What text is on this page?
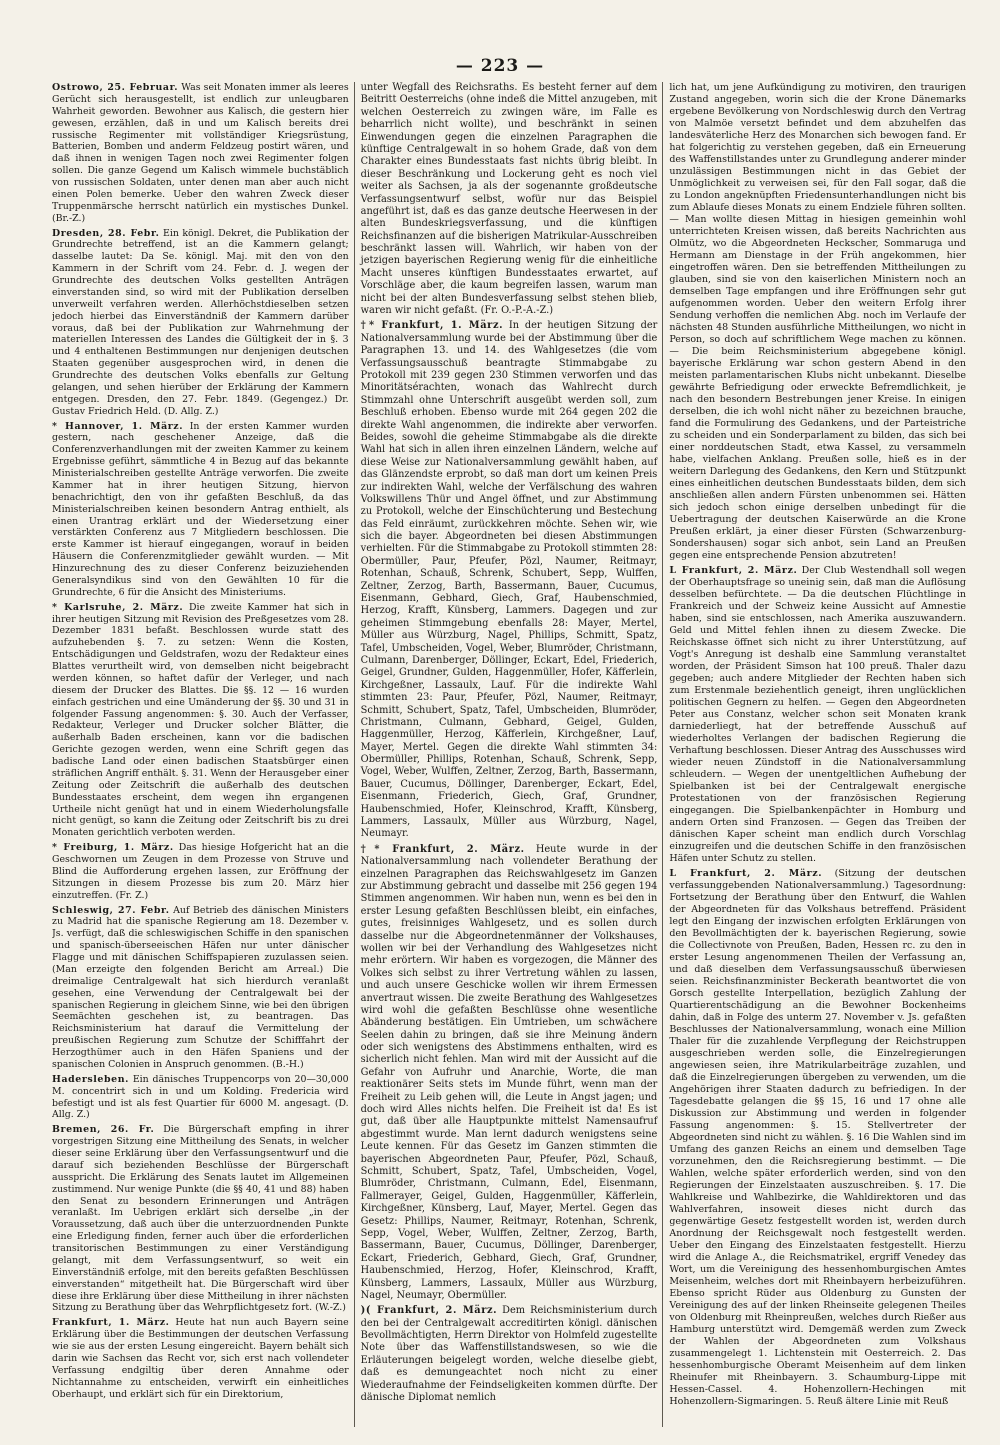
— 223 —

Ostrowo, 25. Februar. Was seit Monaten immer als leeres Gerücht sich herausgestellt, ist endlich zur unleugbaren Wahrheit geworden. Bewohner aus Kalisch, die gestern hier gewesen, erzählen, daß in und um Kalisch bereits drei russische Regimenter mit vollständiger Kriegsrüstung, Batterien, Bomben und anderm Feldzeug postirt wären, und daß ihnen in wenigen Tagen noch zwei Regimenter folgen sollen. Die ganze Gegend um Kalisch wimmele buchstäblich von russischen Soldaten, unter denen man aber auch nicht einen Polen bemerke. Ueber den wahren Zweck dieser Truppenmärsche herrscht natürlich ein mystisches Dunkel. (Br.-Z.)

Dresden, 28. Febr. Ein königl. Dekret, die Publikation der Grundrechte betreffend, ist an die Kammern gelangt; dasselbe lautet: Da Se. königl. Maj. mit den von den Kammern in der Schrift vom 24. Febr. d. J. wegen der Grundrechte des deutschen Volks gestellten Anträgen einverstanden sind, so wird mit der Publikation derselben unverweilt verfahren werden. Allerhöchstdieselben setzen jedoch hierbei das Einverständniß der Kammern darüber voraus, daß bei der Publikation zur Wahrnehmung der materiellen Interessen des Landes die Gültigkeit der in §. 3 und 4 enthaltenen Bestimmungen nur denjenigen deutschen Staaten gegenüber ausgesprochen wird, in denen die Grundrechte des deutschen Volks ebenfalls zur Geltung gelangen, und sehen hierüber der Erklärung der Kammern entgegen. Dresden, den 27. Febr. 1849. (Gegengez.) Dr. Gustav Friedrich Held. (D. Allg. Z.)

* Hannover, 1. März. In der ersten Kammer wurden gestern, nach geschehener Anzeige, daß die Conferenzverhandlungen mit der zweiten Kammer zu keinem Ergebnisse geführt, sämmtliche 4 in Bezug auf das bekannte Ministerialschreiben gestellte Anträge verworfen. Die zweite Kammer hat in ihrer heutigen Sitzung, hiervon benachrichtigt, den von ihr gefaßten Beschluß, da das Ministerialschreiben keinen besondern Antrag enthielt, als einen Urantrag erklärt und der Wiedersetzung einer verstärkten Conferenz aus 7 Mitgliedern beschlossen. Die erste Kammer ist hierauf eingegangen, worauf in beiden Häusern die Conferenzmitglieder gewählt wurden. — Mit Hinzurechnung des zu dieser Conferenz beizuziehenden Generalsyndikus sind von den Gewählten 10 für die Grundrechte, 6 für die Ansicht des Ministeriums.

* Karlsruhe, 2. März. Die zweite Kammer hat sich in ihrer heutigen Sitzung mit Revision des Preßgesetzes vom 28. Dezember 1831 befaßt. Beschlossen wurde statt des aufzuhebenden §. 7. zu setzen: Wenn die Kosten, Entschädigungen und Geldstrafen, wozu der Redakteur eines Blattes verurtheilt wird, von demselben nicht beigebracht werden können, so haftet dafür der Verleger, und nach diesem der Drucker des Blattes. Die §§. 12 — 16 wurden einfach gestrichen und eine Umänderung der §§. 30 und 31 in folgender Fassung angenommen: §. 30. Auch der Verfasser, Redakteur, Verleger und Drucker solcher Blätter, die außerhalb Baden erscheinen, kann vor die badischen Gerichte gezogen werden, wenn eine Schrift gegen das badische Land oder einen badischen Staatsbürger einen sträflichen Angriff enthält. §. 31. Wenn der Herausgeber einer Zeitung oder Zeitschrift die außerhalb des deutschen Bundesstaates erscheint, dem wegen ihn ergangenen Urtheile nicht genügt hat und in einem Wiederholungsfalle nicht genügt, so kann die Zeitung oder Zeitschrift bis zu drei Monaten gerichtlich verboten werden.

* Freiburg, 1. März. Das hiesige Hofgericht hat an die Geschwornen um Zeugen in dem Prozesse von Struve und Blind die Aufforderung ergehen lassen, zur Eröffnung der Sitzungen in diesem Prozesse bis zum 20. März hier einzutreffen. (Fr. Z.)

Schleswig, 27. Febr. Auf Betrieb des dänischen Ministers zu Madrid hat die spanische Regierung am 18. Dezember v. Js. verfügt, daß die schleswigischen Schiffe in den spanischen und spanisch-überseeischen Häfen nur unter dänischer Flagge und mit dänischen Schiffspapieren zuzulassen seien. (Man erzeigte den folgenden Bericht am Arreal.) Die dreimalige Centralgewalt hat sich hierdurch veranlaßt gesehen, eine Verwendung der Centralgewalt bei der spanischen Regierung in gleichem Sinne, wie bei den übrigen Seemächten geschehen ist, zu beantragen. Das Reichsministerium hat darauf die Vermittelung der preußischen Regierung zum Schutze der Schifffahrt der Herzogthümer auch in den Häfen Spaniens und der spanischen Colonien in Anspruch genommen. (B.-H.)

Hadersleben. Ein dänisches Truppencorps von 20—30,000 M. concentrirt sich in und um Kolding. Fredericia wird befestigt und ist als fest Quartier für 6000 M. angesagt. (D. Allg. Z.)

Bremen, 26. Fr. Die Bürgerschaft empfing in ihrer vorgestrigen Sitzung eine Mittheilung des Senats, in welcher dieser seine Erklärung über den Verfassungsentwurf und die darauf sich beziehenden Beschlüsse der Bürgerschaft ausspricht. Die Erklärung des Senats lautet im Allgemeinen zustimmend. Nur wenige Punkte (die §§ 40, 41 und 88) haben den Senat zu besondern Erinnerungen und Anträgen veranlaßt. Im Uebrigen erklärt sich derselbe „in der Voraussetzung, daß auch über die unterzuordnenden Punkte eine Erledigung finden, ferner auch über die erforderlichen transitorischen Bestimmungen zu einer Verständigung gelangt, mit dem Verfassungsentwurf, so weit ein Einverständniß erfolge, mit den bereits gefaßten Beschlüssen einverstanden“ mitgetheilt hat. Die Bürgerschaft wird über diese ihre Erklärung über diese Mittheilung in ihrer nächsten Sitzung zu Berathung über das Wehrpflichtgesetz fort. (W.-Z.)

Frankfurt, 1. März. Heute hat nun auch Bayern seine Erklärung über die Bestimmungen der deutschen Verfassung wie sie aus der ersten Lesung eingereicht. Bayern behält sich darin wie Sachsen das Recht vor, sich erst nach vollendeter Verfassung endgiltig über deren Annahme oder Nichtannahme zu entscheiden, verwirft ein einheitliches Oberhaupt, und erklärt sich für ein Direktorium,

unter Wegfall des Reichsraths. Es besteht ferner auf dem Beitritt Oesterreichs (ohne indeß die Mittel anzugeben, mit welchen Oesterreich zu zwingen wäre, im Falle es beharrlich nicht wollte), und beschränkt in seinen Einwendungen gegen die einzelnen Paragraphen die künftige Centralgewalt in so hohem Grade, daß von dem Charakter eines Bundesstaats fast nichts übrig bleibt. In dieser Beschränkung und Lockerung geht es noch viel weiter als Sachsen, ja als der sogenannte großdeutsche Verfassungsentwurf selbst, wofür nur das Beispiel angeführt ist, daß es das ganze deutsche Heerwesen in der alten Bundeskriegsverfassung, und die künftigen Reichsfinanzen auf die bisherigen Matrikular-Ausschreiben beschränkt lassen will. Wahrlich, wir haben von der jetzigen bayerischen Regierung wenig für die einheitliche Macht unseres künftigen Bundesstaates erwartet, auf Vorschläge aber, die kaum begreifen lassen, warum man nicht bei der alten Bundesverfassung selbst stehen blieb, waren wir nicht gefaßt. (Fr. O.-P.-A.-Z.)

†* Frankfurt, 1. März. In der heutigen Sitzung der Nationalversammlung wurde bei der Abstimmung über die Paragraphen 13. und 14. des Wahlgesetzes (die vom Verfassungsausschuß beantragte Stimmabgabe zu Protokoll mit 239 gegen 230 Stimmen verworfen und das Minoritätsérachten, wonach das Wahlrecht durch Stimmzahl ohne Unterschrift ausgeübt werden soll, zum Beschluß erhoben. Ebenso wurde mit 264 gegen 202 die direkte Wahl angenommen, die indirekte aber verworfen. Beides, sowohl die geheime Stimmabgabe als die direkte Wahl hat sich in allen ihren einzelnen Ländern, welche auf diese Weise zur Nationalversammlung gewählt haben, auf das Glänzendste erprobt, so daß man dort um keinen Preis zur indirekten Wahl, welche der Verfälschung des wahren Volkswillens Thür und Angel öffnet, und zur Abstimmung zu Protokoll, welche der Einschüchterung und Bestechung das Feld einräumt, zurückkehren möchte. Sehen wir, wie sich die bayer. Abgeordneten bei diesen Abstimmungen verhielten. Für die Stimmabgabe zu Protokoll stimmten 28: Obermüller, Paur, Pfeufer, Pözl, Naumer, Reitmayr, Rotenhan, Schauß, Schrenk, Schubert, Sepp, Wulffen, Zeltner, Zerzog, Barth, Bassermann, Bauer, Cucumus, Eisenmann, Gebhard, Giech, Graf, Haubenschmied, Herzog, Krafft, Künsberg, Lammers. Dagegen und zur geheimen Stimmgebung ebenfalls 28: Mayer, Mertel, Müller aus Würzburg, Nagel, Phillips, Schmitt, Spatz, Tafel, Umbscheiden, Vogel, Weber, Blumröder, Christmann, Culmann, Darenberger, Döllinger, Eckart, Edel, Friederich, Geigel, Grundner, Gulden, Haggenmüller, Hofer, Käfferlein, Kirchgeßner, Lassaulx, Lauf. Für die indirekte Wahl stimmten 23: Paur, Pfeufer, Pözl, Naumer, Reitmayr, Schmitt, Schubert, Spatz, Tafel, Umbscheiden, Blumröder, Christmann, Culmann, Gebhard, Geigel, Gulden, Haggenmüller, Herzog, Käfferlein, Kirchgeßner, Lauf, Mayer, Mertel. Gegen die direkte Wahl stimmten 34: Obermüller, Phillips, Rotenhan, Schauß, Schrenk, Sepp, Vogel, Weber, Wulffen, Zeltner, Zerzog, Barth, Bassermann, Bauer, Cucumus, Döllinger, Darenberger, Eckart, Edel, Eisenmann, Friederich, Giech, Graf, Grundner, Haubenschmied, Hofer, Kleinschrod, Krafft, Künsberg, Lammers, Lassaulx, Müller aus Würzburg, Nagel, Neumayr.

†* Frankfurt, 2. März. Heute wurde in der Nationalversammlung nach vollendeter Berathung der einzelnen Paragraphen das Reichswahlgesetz im Ganzen zur Abstimmung gebracht und dasselbe mit 256 gegen 194 Stimmen angenommen. Wir haben nun, wenn es bei den in erster Lesung gefaßten Beschlüssen bleibt, ein einfaches, gutes, freisinniges Wahlgesetz, und es sollen durch dasselbe nur die Abgeordnetenmänner der Volkshauses, wollen wir bei der Verhandlung des Wahlgesetzes nicht mehr erörtern. Wir haben es vorgezogen, die Männer des Volkes sich selbst zu ihrer Vertretung wählen zu lassen, und auch unsere Geschicke wollen wir ihrem Ermessen anvertraut wissen. Die zweite Berathung des Wahlgesetzes wird wohl die gefaßten Beschlüsse ohne wesentliche Abänderung bestätigen. Ein Umtrieben, um schwächere Seelen dahin zu bringen, daß sie ihre Meinung ändern oder sich wenigstens des Abstimmens enthalten, wird es sicherlich nicht fehlen. Man wird mit der Aussicht auf die Gefahr von Aufruhr und Anarchie, Worte, die man reaktionärer Seits stets im Munde führt, wenn man der Freiheit zu Leib gehen will, die Leute in Angst jagen; und doch wird Alles nichts helfen. Die Freiheit ist da! Es ist gut, daß über alle Hauptpunkte mittelst Namensaufruf abgestimmt wurde. Man lernt dadurch wenigstens seine Leute kennen. Für das Gesetz im Ganzen stimmten die bayerischen Abgeordneten Paur, Pfeufer, Pözl, Schauß, Schmitt, Schubert, Spatz, Tafel, Umbscheiden, Vogel, Blumröder, Christmann, Culmann, Edel, Eisenmann, Fallmerayer, Geigel, Gulden, Haggenmüller, Käfferlein, Kirchgeßner, Künsberg, Lauf, Mayer, Mertel. Gegen das Gesetz: Phillips, Naumer, Reitmayr, Rotenhan, Schrenk, Sepp, Vogel, Weber, Wulffen, Zeltner, Zerzog, Barth, Bassermann, Bauer, Cucumus, Döllinger, Darenberger, Eckart, Friederich, Gebhard, Giech, Graf, Grundner, Haubenschmied, Herzog, Hofer, Kleinschrod, Krafft, Künsberg, Lammers, Lassaulx, Müller aus Würzburg, Nagel, Neumayr, Obermüller.

)( Frankfurt, 2. März. Dem Reichsministerium durch den bei der Centralgewalt accreditirten königl. dänischen Bevollmächtigten, Herrn Direktor von Holmfeld zugestellte Note über das Waffenstillstandswesen, so wie die Erläuterungen beigelegt worden, welche dieselbe giebt, daß es demungeachtet noch nicht zu einer Wiederaufnahme der Feindseligkeiten kommen dürfte. Der dänische Diplomat nemlich

lich hat, um jene Aufkündigung zu motiviren, den traurigen Zustand angegeben, worin sich die der Krone Dänemarks ergebene Bevölkerung von Nordschleswig durch den Vertrag von Malmöe versetzt befindet und dem abzuhelfen das landesväterliche Herz des Monarchen sich bewogen fand. Er hat folgerichtig zu verstehen gegeben, daß ein Erneuerung des Waffenstillstandes unter zu Grundlegung anderer minder unzulässigen Bestimmungen nicht in das Gebiet der Unmöglichkeit zu verweisen sei, für den Fall sogar, daß die zu London angeknüpften Friedensunterhandlungen nicht bis zum Ablaufe dieses Monats zu einem Endziele führen sollten. — Man wollte diesen Mittag in hiesigen gemeinhin wohl unterrichteten Kreisen wissen, daß bereits Nachrichten aus Olmütz, wo die Abgeordneten Heckscher, Sommaruga und Hermann am Dienstage in der Früh angekommen, hier eingetroffen wären. Den sie betreffenden Mittheilungen zu glauben, sind sie von den kaiserlichen Ministern noch an demselben Tage empfangen und ihre Eröffnungen sehr gut aufgenommen worden. Ueber den weitern Erfolg ihrer Sendung verhoffen die nemlichen Abg. noch im Verlaufe der nächsten 48 Stunden ausführliche Mittheilungen, wo nicht in Person, so doch auf schriftlichem Wege machen zu können. — Die beim Reichsministerium abgegebene königl. bayerische Erklärung war schon gestern Abend in den meisten parlamentarischen Klubs nicht unbekannt. Dieselbe gewährte Befriedigung oder erweckte Befremdlichkeit, je nach den besondern Bestrebungen jener Kreise. In einigen derselben, die ich wohl nicht näher zu bezeichnen brauche, fand die Formulirung des Gedankens, und der Parteistriche zu scheiden und ein Sonderparlament zu bilden, das sich bei einer norddeutschen Stadt, etwa Kassel, zu versammeln habe, vielfachen Anklang. Preußen solle, hieß es in der weitern Darlegung des Gedankens, den Kern und Stützpunkt eines einheitlichen deutschen Bundesstaats bilden, dem sich anschließen allen andern Fürsten unbenommen sei. Hätten sich jedoch schon einige derselben unbedingt für die Uebertragung der deutschen Kaiserwürde an die Krone Preußen erklärt, ja einer dieser Fürsten (Schwarzenburg-Sondershausen) sogar sich anbot, sein Land an Preußen gegen eine entsprechende Pension abzutreten!

L Frankfurt, 2. März. Der Club Westendhall soll wegen der Oberhauptsfrage so uneinig sein, daß man die Auflösung desselben befürchtete. — Da die deutschen Flüchtlinge in Frankreich und der Schweiz keine Aussicht auf Amnestie haben, sind sie entschlossen, nach Amerika auszuwandern. Geld und Mittel fehlen ihnen zu diesem Zwecke. Die Reichskasse öffnet sich nicht zu ihrer Unterstützung, auf Vogt's Anregung ist deshalb eine Sammlung veranstaltet worden, der Präsident Simson hat 100 preuß. Thaler dazu gegeben; auch andere Mitglieder der Rechten haben sich zum Erstenmale beziehentlich geneigt, ihren unglücklichen politischen Gegnern zu helfen. — Gegen den Abgeordneten Peter aus Constanz, welcher schon seit Monaten krank darniederliegt, hat der betreffende Ausschuß auf wiederholtes Verlangen der badischen Regierung die Verhaftung beschlossen. Dieser Antrag des Ausschusses wird wieder neuen Zündstoff in die Nationalversammlung schleudern. — Wegen der unentgeltlichen Aufhebung der Spielbanken ist bei der Centralgewalt energische Protestationen von der französischen Regierung eingegangen. Die Spielbankenpächter in Homburg und andern Orten sind Franzosen. — Gegen das Treiben der dänischen Kaper scheint man endlich durch Vorschlag einzugreifen und die deutschen Schiffe in den französischen Häfen unter Schutz zu stellen.

L Frankfurt, 2. März. (Sitzung der deutschen verfassunggebenden Nationalversammlung.) Tagesordnung: Fortsetzung der Berathung über den Entwurf, die Wahlen der Abgeordneten für das Volkshaus betreffend. Präsident legt den Eingang der inzwischen erfolgten Erklärungen von den Bevollmächtigten der k. bayerischen Regierung, sowie die Collectivnote von Preußen, Baden, Hessen rc. zu den in erster Lesung angenommenen Theilen der Verfassung an, und daß dieselben dem Verfassungsausschuß überwiesen seien. Reichsfinanzminister Beckerath beantwortet die von Gorsch gestellte Interpellation, bezüglich Zahlung der Quartierentschädigung an die Bewohner Bockenheims dahin, daß in Folge des unterm 27. November v. Js. gefaßten Beschlusses der Nationalversammlung, wonach eine Million Thaler für die zuzahlende Verpflegung der Reichstruppen ausgeschrieben werden solle, die Einzelregierungen angewiesen seien, ihre Matrikularbeiträge zuzahlen, und daß die Einzelregierungen übergeben zu verwenden, um die Angehörigen ihrer Staaten dadurch zu befriedigen. In der Tagesdebatte gelangen die §§ 15, 16 und 17 ohne alle Diskussion zur Abstimmung und werden in folgender Fassung angenommen: §. 15. Stellvertreter der Abgeordneten sind nicht zu wählen. §. 16 Die Wahlen sind im Umfang des ganzen Reichs an einem und demselben Tage vorzunehmen, den die Reichsregierung bestimmt. — Die Wahlen, welche später erforderlich werden, sind von den Regierungen der Einzelstaaten auszuschreiben. §. 17. Die Wahlkreise und Wahlbezirke, die Wahldirektoren und das Wahlverfahren, insoweit dieses nicht durch das gegenwärtige Gesetz festgestellt worden ist, werden durch Anordnung der Reichsgewalt noch festgestellt werden. Ueber den Eingang des Einzelstaaten festgestellt. Hierzu wird die Anlage A., die Reichsmatrikel, ergriff Venedey das Wort, um die Vereinigung des hessenhomburgischen Amtes Meisenheim, welches dort mit Rheinbayern herbeizuführen. Ebenso spricht Rüder aus Oldenburg zu Gunsten der Vereinigung des auf der linken Rheinseite gelegenen Theiles von Oldenburg mit Rheinpreußen, welches durch Rießer aus Hamburg unterstützt wird. Demgemäß werden zum Zweck der Wahlen der Abgeordneten zum Volkshaus zusammengelegt 1. Lichtenstein mit Oesterreich. 2. Das hessenhomburgische Oberamt Meisenheim auf dem linken Rheinufer mit Rheinbayern. 3. Schaumburg-Lippe mit Hessen-Cassel. 4. Hohenzollern-Hechingen mit Hohenzollern-Sigmaringen. 5. Reuß ältere Linie mit Reuß
